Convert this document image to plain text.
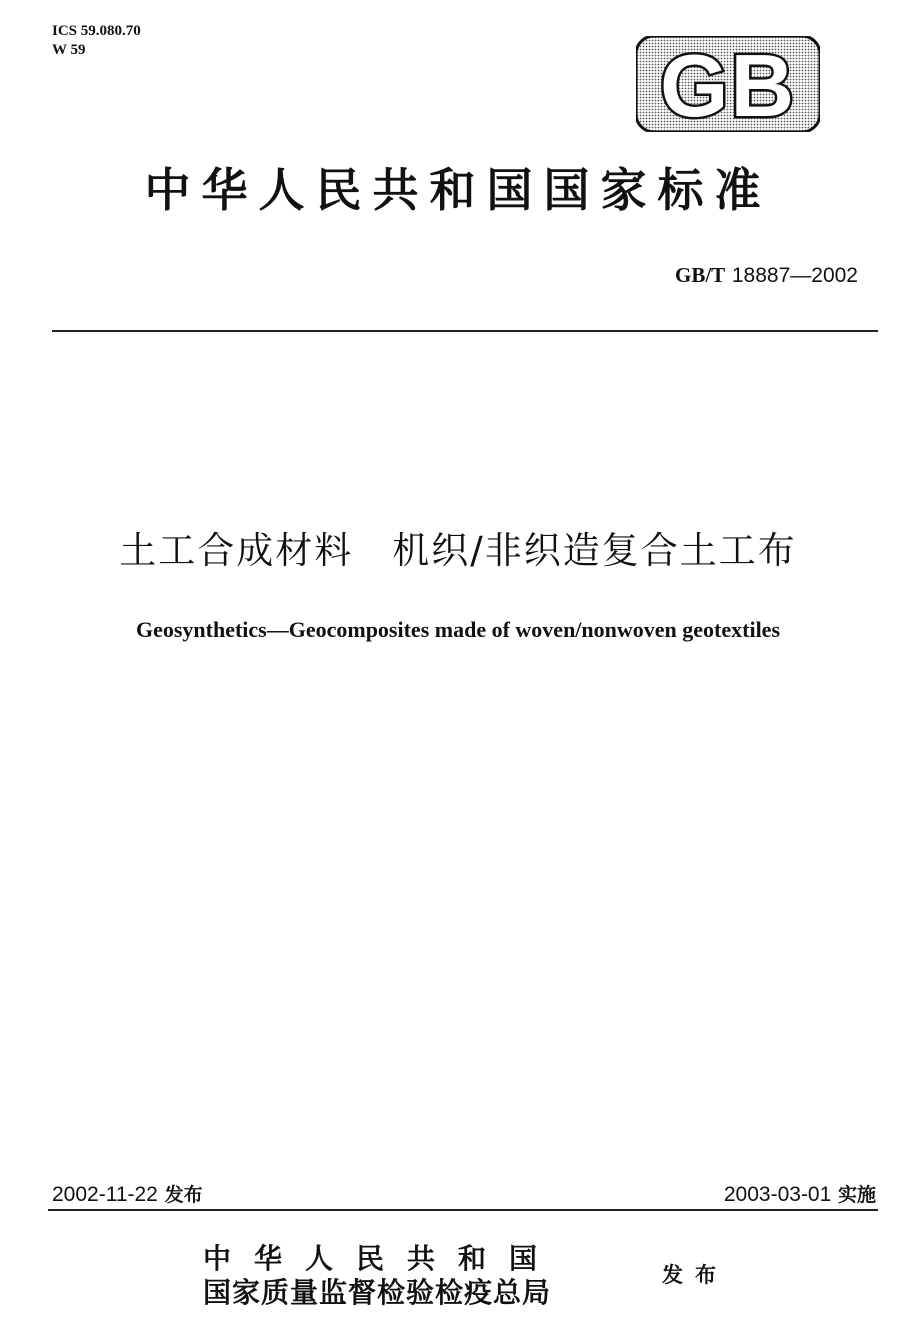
ICS 59.080.70
W 59	GB
中华人民共和国国家标准
GB/T 18887—2002
土工合成材料　机织/非织造复合土工布
Geosynthetics—Geocomposites made of woven/nonwoven geotextiles
2002-11-22 发布	2003-03-01 实施
中华人民共和国
国家质量监督检验检疫总局
发布
